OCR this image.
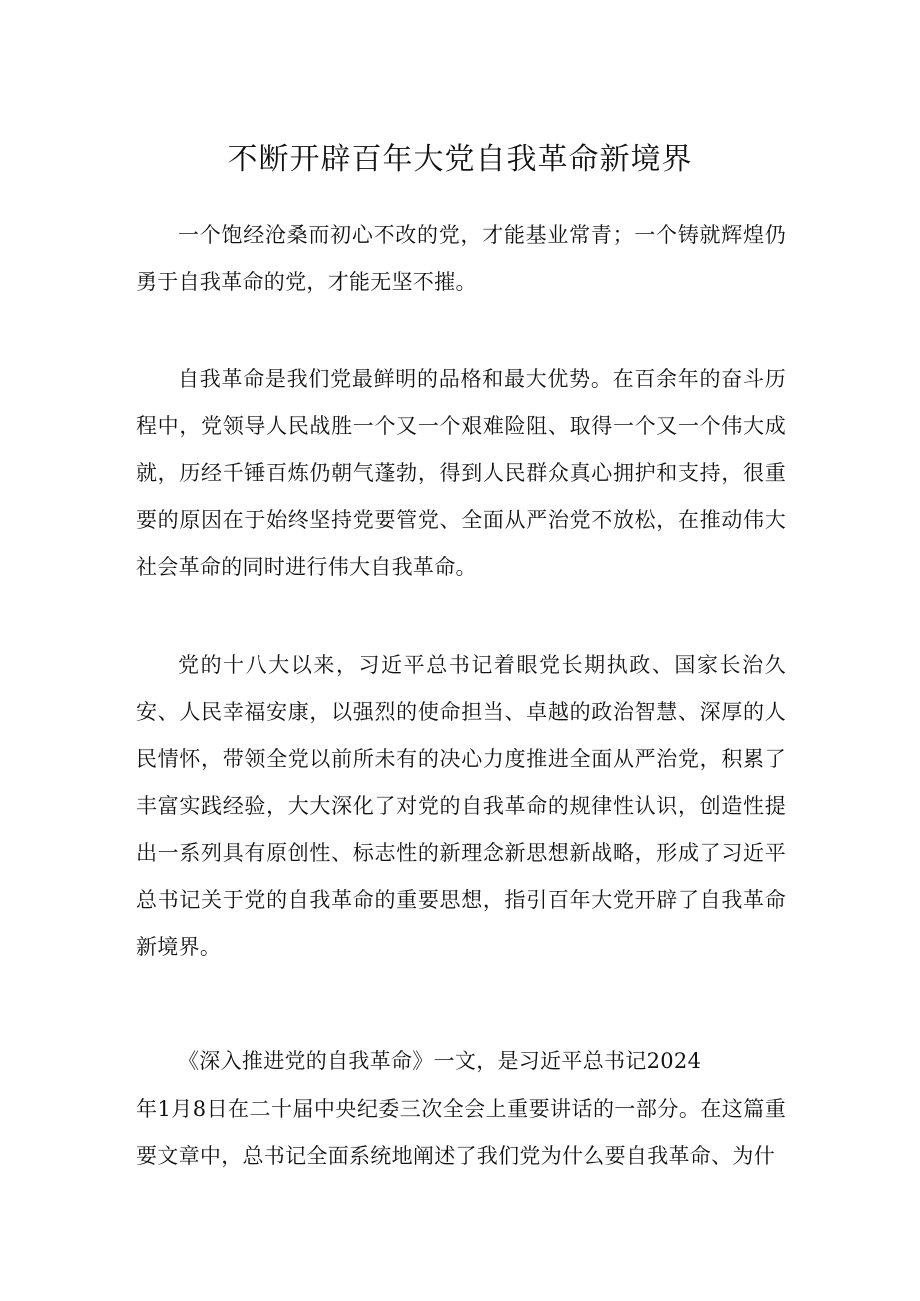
不断开辟百年大党自我革命新境界

一个饱经沧桑而初心不改的党，才能基业常青；一个铸就辉煌仍勇于自我革命的党，才能无坚不摧。

自我革命是我们党最鲜明的品格和最大优势。在百余年的奋斗历程中，党领导人民战胜一个又一个艰难险阻、取得一个又一个伟大成就，历经千锤百炼仍朝气蓬勃，得到人民群众真心拥护和支持，很重要的原因在于始终坚持党要管党、全面从严治党不放松，在推动伟大社会革命的同时进行伟大自我革命。

党的十八大以来，习近平总书记着眼党长期执政、国家长治久安、人民幸福安康，以强烈的使命担当、卓越的政治智慧、深厚的人民情怀，带领全党以前所未有的决心力度推进全面从严治党，积累了丰富实践经验，大大深化了对党的自我革命的规律性认识，创造性提出一系列具有原创性、标志性的新理念新思想新战略，形成了习近平总书记关于党的自我革命的重要思想，指引百年大党开辟了自我革命新境界。

《深入推进党的自我革命》一文，是习近平总书记2024

年1月8日在二十届中央纪委三次全会上重要讲话的一部分。在这篇重要文章中，总书记全面系统地阐述了我们党为什么要自我革命、为什
